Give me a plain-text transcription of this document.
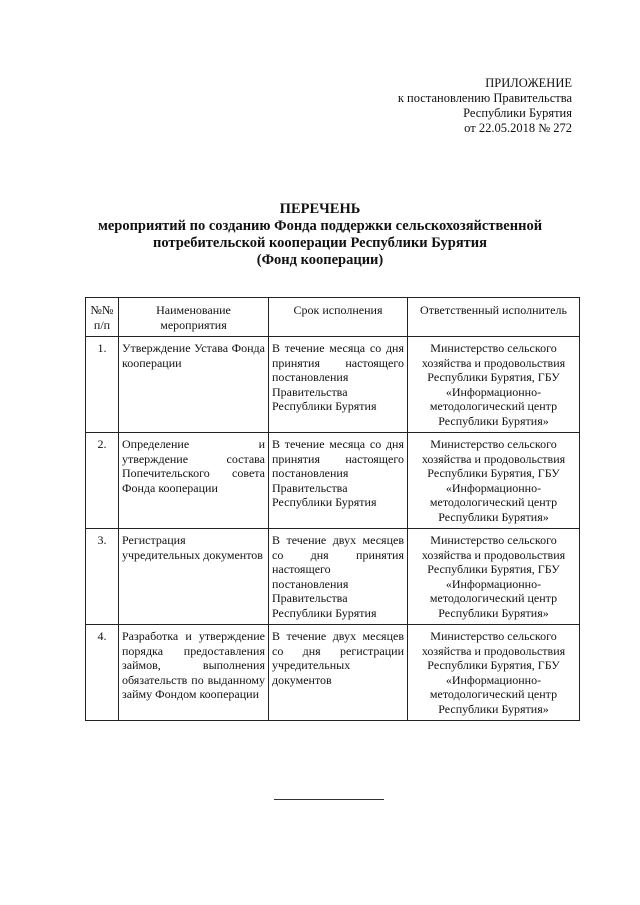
ПРИЛОЖЕНИЕ
к постановлению Правительства
Республики Бурятия
от 22.05.2018 № 272
ПЕРЕЧЕНЬ
мероприятий по созданию Фонда поддержки сельскохозяйственной
потребительской кооперации Республики Бурятия
(Фонд кооперации)
№№ п/п	Наименование мероприятия	Срок исполнения	Ответственный исполнитель
1.	Утверждение Устава Фонда кооперации	В течение месяца со дня принятия настоящего постановления Правительства Республики Бурятия	Министерство сельского хозяйства и продовольствия Республики Бурятия, ГБУ «Информационно-методологический центр Республики Бурятия»
2.	Определение и утверждение состава Попечительского совета Фонда кооперации	В течение месяца со дня принятия настоящего постановления Правительства Республики Бурятия	Министерство сельского хозяйства и продовольствия Республики Бурятия, ГБУ «Информационно-методологический центр Республики Бурятия»
3.	Регистрация учредительных документов	В течение двух месяцев со дня принятия настоящего постановления Правительства Республики Бурятия	Министерство сельского хозяйства и продовольствия Республики Бурятия, ГБУ «Информационно-методологический центр Республики Бурятия»
4.	Разработка и утверждение порядка предоставления займов, выполнения обязательств по выданному займу Фондом кооперации	В течение двух месяцев со дня регистрации учредительных документов	Министерство сельского хозяйства и продовольствия Республики Бурятия, ГБУ «Информационно-методологический центр Республики Бурятия»
